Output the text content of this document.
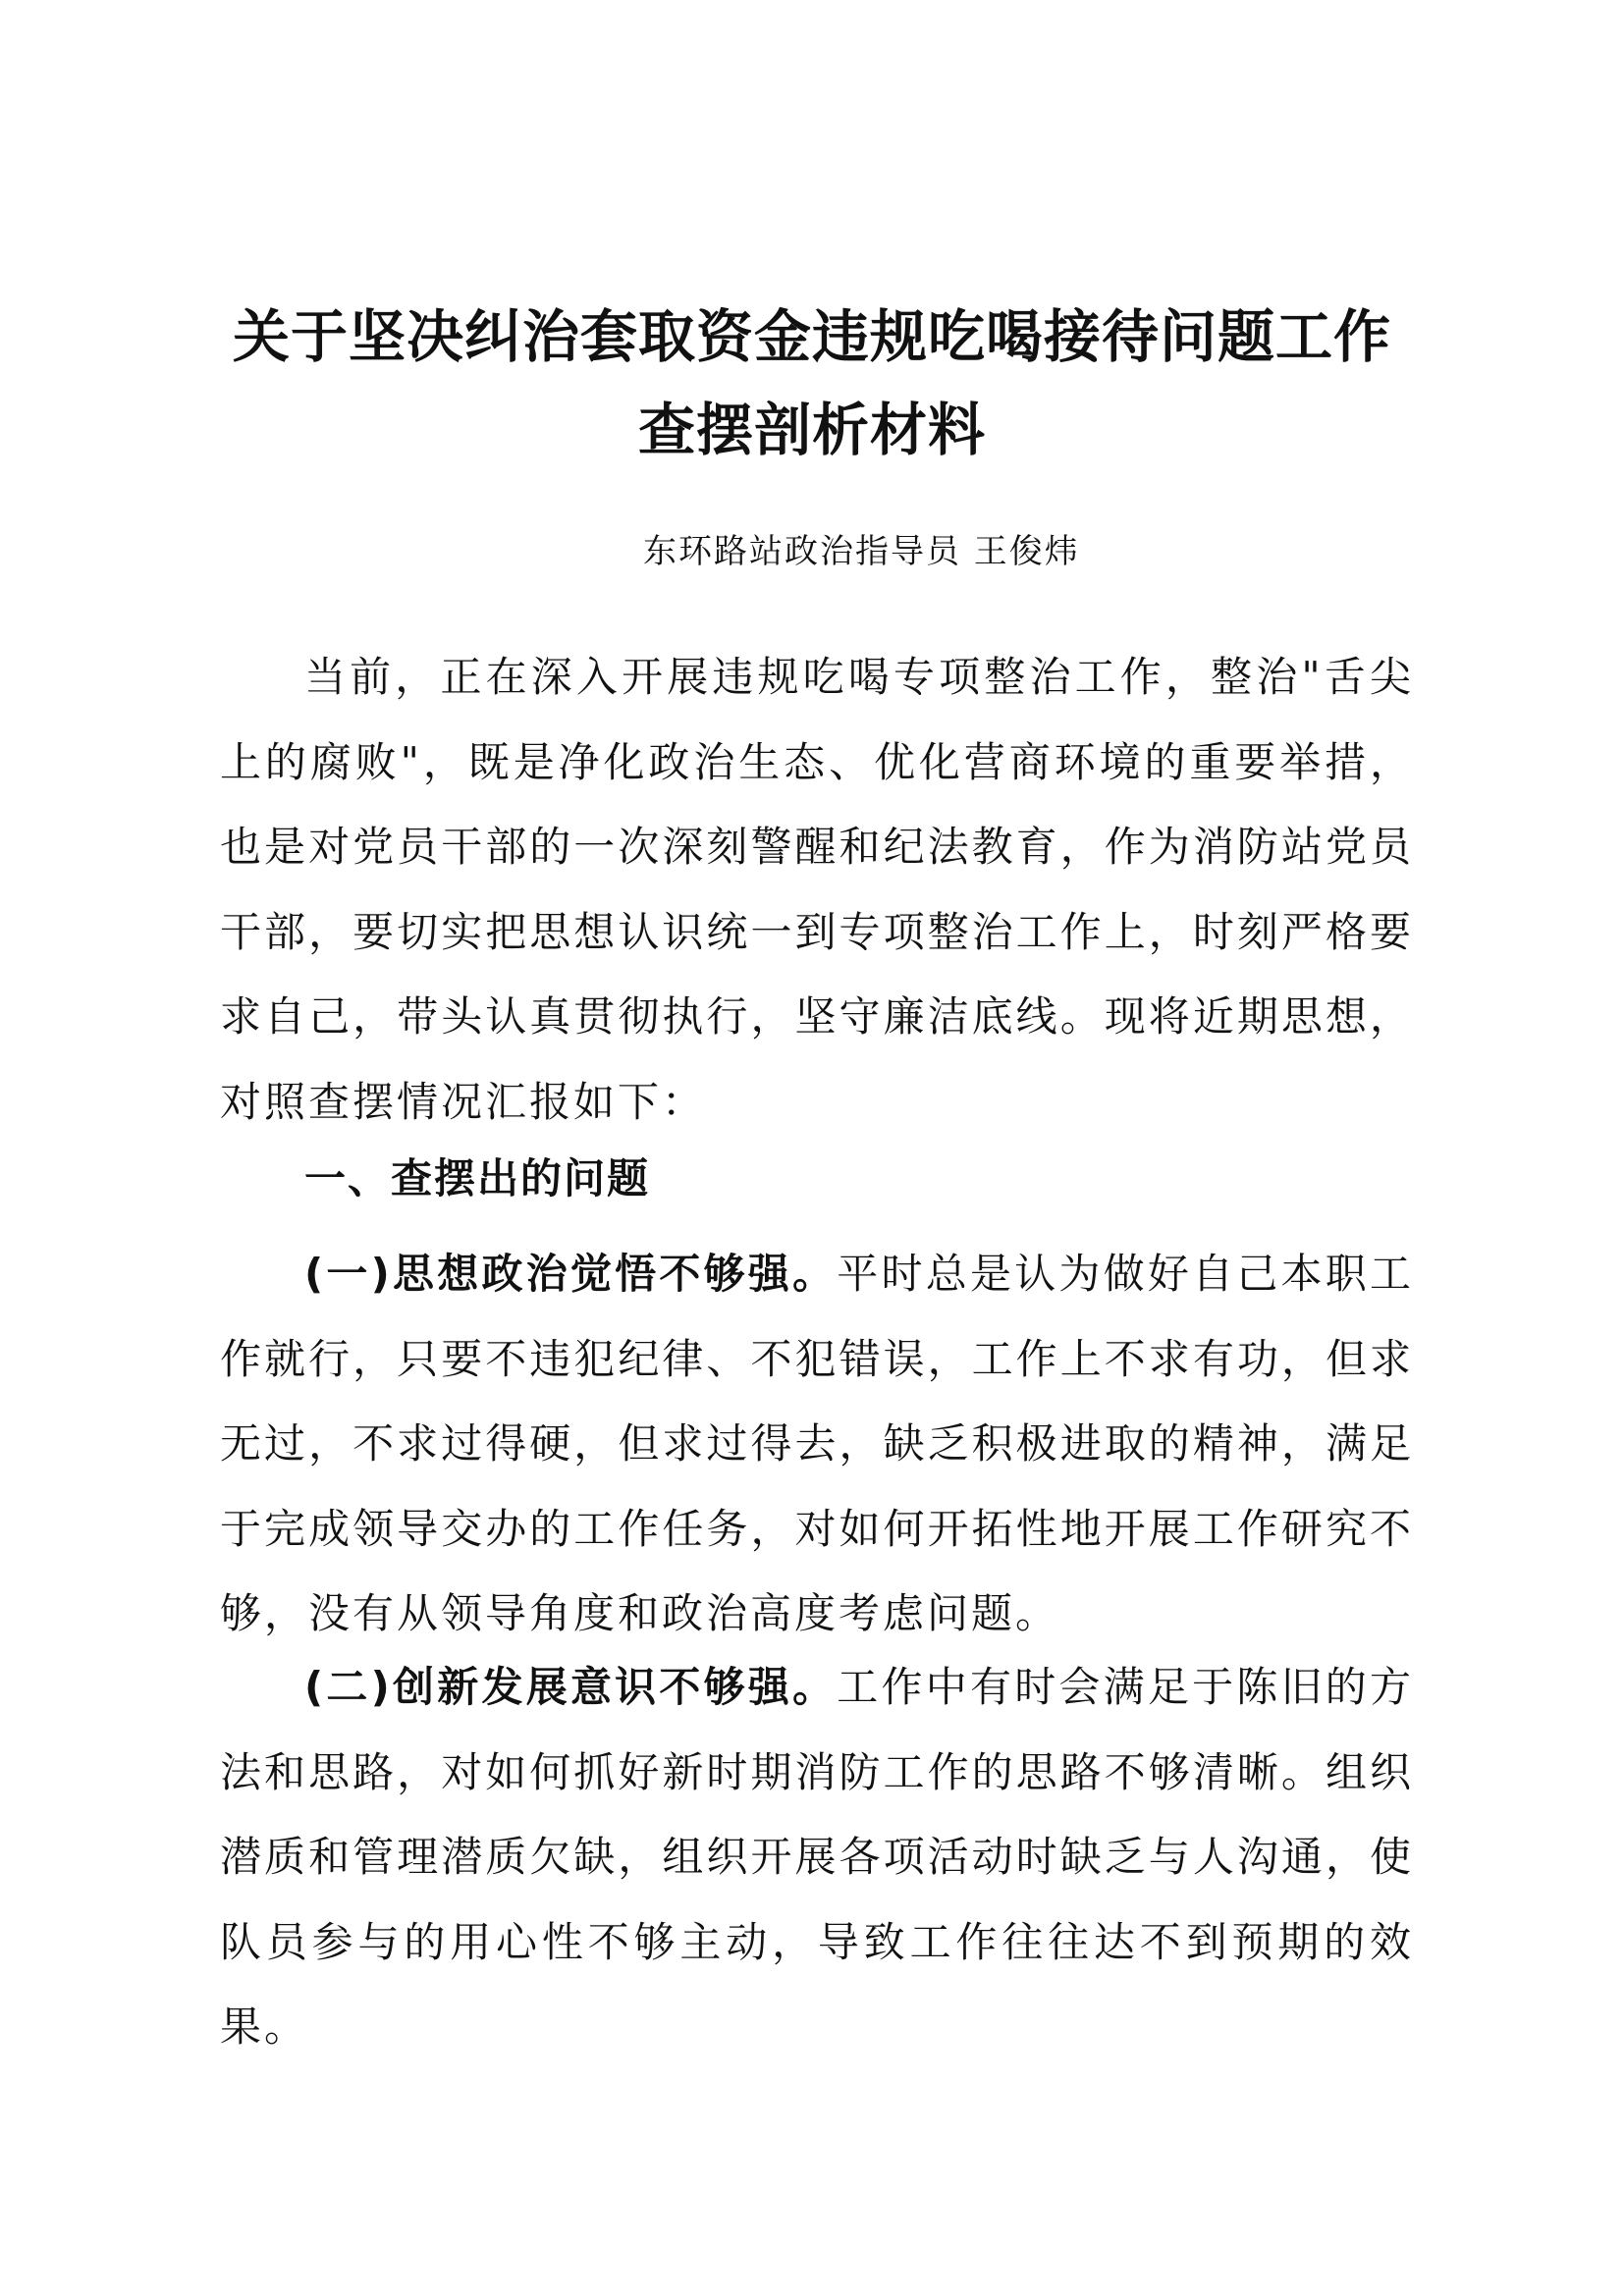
关于坚决纠治套取资金违规吃喝接待问题工作
查摆剖析材料
东环路站政治指导员 王俊炜

当前，正在深入开展违规吃喝专项整治工作，整治"舌尖上的腐败"，既是净化政治生态、优化营商环境的重要举措，也是对党员干部的一次深刻警醒和纪法教育，作为消防站党员干部，要切实把思想认识统一到专项整治工作上，时刻严格要求自己，带头认真贯彻执行，坚守廉洁底线。现将近期思想，对照查摆情况汇报如下：

一、查摆出的问题

(一)思想政治觉悟不够强。平时总是认为做好自己本职工作就行，只要不违犯纪律、不犯错误，工作上不求有功，但求无过，不求过得硬，但求过得去，缺乏积极进取的精神，满足于完成领导交办的工作任务，对如何开拓性地开展工作研究不够，没有从领导角度和政治高度考虑问题。

(二)创新发展意识不够强。工作中有时会满足于陈旧的方法和思路，对如何抓好新时期消防工作的思路不够清晰。组织潜质和管理潜质欠缺，组织开展各项活动时缺乏与人沟通，使队员参与的用心性不够主动，导致工作往往达不到预期的效果。
